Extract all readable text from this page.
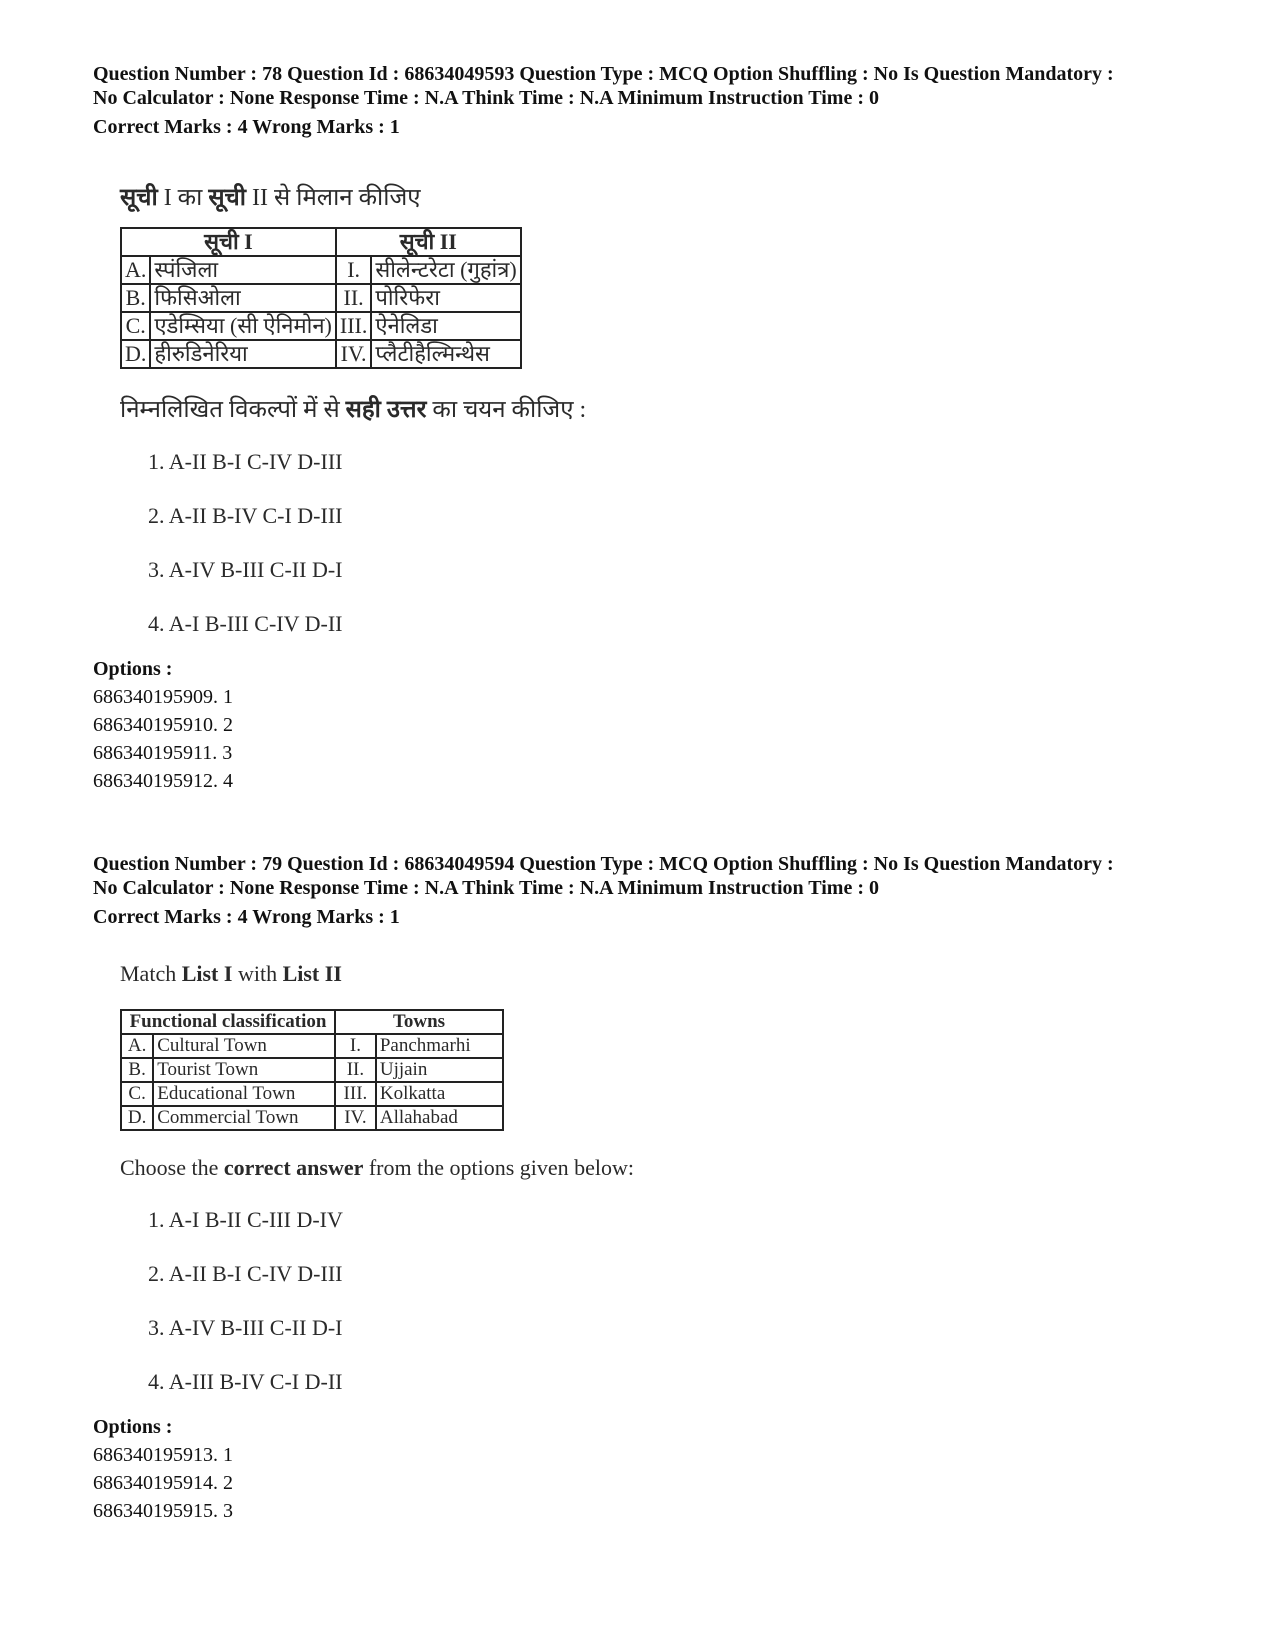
Question Number : 78 Question Id : 68634049593 Question Type : MCQ Option Shuffling : No Is Question Mandatory :

No Calculator : None Response Time : N.A Think Time : N.A Minimum Instruction Time : 0

Correct Marks : 4 Wrong Marks : 1

सूची I का सूची II से मिलान कीजिए

सूची I		सूची II	
A.	स्पंजिला	I.	सीलेन्टरेटा (गुहांत्र)
B.	फिसिओला	II.	पोरिफेरा
C.	एडेम्सिया (सी ऐनिमोन)	III.	ऐनेलिडा
D.	हीरुडिनेरिया	IV.	प्लैटीहैल्मिन्थेस

निम्नलिखित विकल्पों में से सही उत्तर का चयन कीजिए :

1. A-II B-I C-IV D-III
2. A-II B-IV C-I D-III
3. A-IV B-III C-II D-I
4. A-I B-III C-IV D-II
Options :
686340195909. 1
686340195910. 2
686340195911. 3
686340195912. 4

Question Number : 79 Question Id : 68634049594 Question Type : MCQ Option Shuffling : No Is Question Mandatory :

No Calculator : None Response Time : N.A Think Time : N.A Minimum Instruction Time : 0

Correct Marks : 4 Wrong Marks : 1

Match List I with List II

Functional classification		Towns	
A.	Cultural Town	I.	Panchmarhi
B.	Tourist Town	II.	Ujjain
C.	Educational Town	III.	Kolkatta
D.	Commercial Town	IV.	Allahabad

Choose the correct answer from the options given below:

1. A-I B-II C-III D-IV
2. A-II B-I C-IV D-III
3. A-IV B-III C-II D-I
4. A-III B-IV C-I D-II
Options :
686340195913. 1
686340195914. 2
686340195915. 3
